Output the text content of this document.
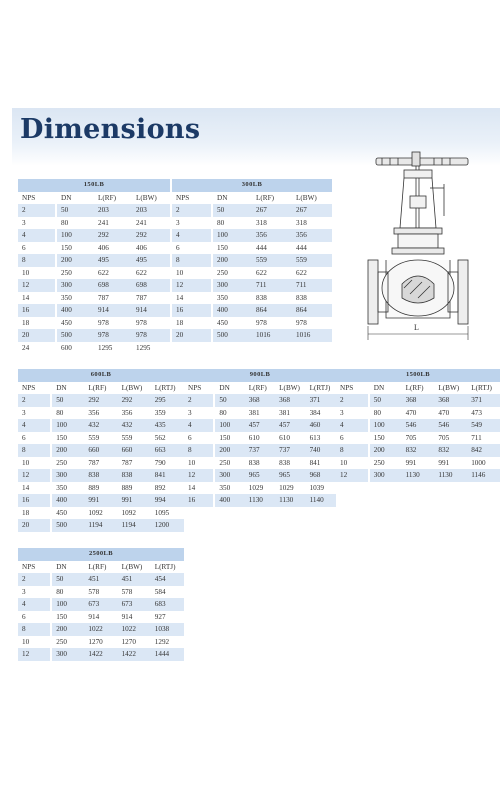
Dimensions
150LB			
NPS	DN	L(RF)	L(BW)
2	50	203	203
3	80	241	241
4	100	292	292
6	150	406	406
8	200	495	495
10	250	622	622
12	300	698	698
14	350	787	787
16	400	914	914
18	450	978	978
20	500	978	978
24	600	1295	1295
300LB			
NPS	DN	L(RF)	L(BW)
2	50	267	267
3	80	318	318
4	100	356	356
6	150	444	444
8	200	559	559
10	250	622	622
12	300	711	711
14	350	838	838
16	400	864	864
18	450	978	978
20	500	1016	1016
600LB				
NPS	DN	L(RF)	L(BW)	L(RTJ)
2	50	292	292	295
3	80	356	356	359
4	100	432	432	435
6	150	559	559	562
8	200	660	660	663
10	250	787	787	790
12	300	838	838	841
14	350	889	889	892
16	400	991	991	994
18	450	1092	1092	1095
20	500	1194	1194	1200
900LB				
NPS	DN	L(RF)	L(BW)	L(RTJ)
2	50	368	368	371
3	80	381	381	384
4	100	457	457	460
6	150	610	610	613
8	200	737	737	740
10	250	838	838	841
12	300	965	965	968
14	350	1029	1029	1039
16	400	1130	1130	1140
1500LB				
NPS	DN	L(RF)	L(BW)	L(RTJ)
2	50	368	368	371
3	80	470	470	473
4	100	546	546	549
6	150	705	705	711
8	200	832	832	842
10	250	991	991	1000
12	300	1130	1130	1146
2500LB				
NPS	DN	L(RF)	L(BW)	L(RTJ)
2	50	451	451	454
3	80	578	578	584
4	100	673	673	683
6	150	914	914	927
8	200	1022	1022	1038
10	250	1270	1270	1292
12	300	1422	1422	1444
L
